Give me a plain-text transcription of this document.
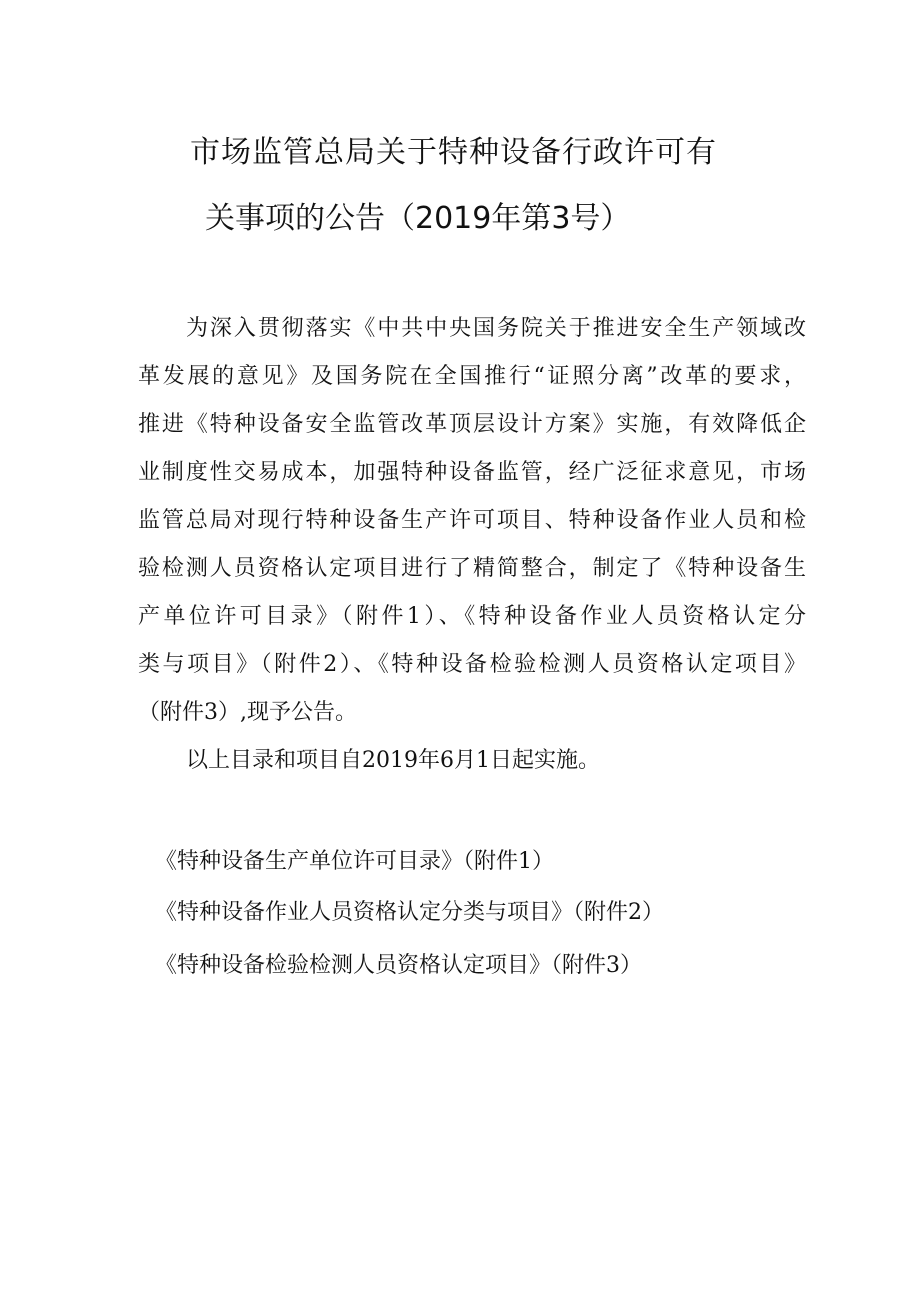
市场监管总局关于特种设备行政许可有
关事项的公告（2019年第3号）
为深入贯彻落实《中共中央国务院关于推进安全生产领域改
革发展的意见》及国务院在全国推行“证照分离”改革的要求，
推进《特种设备安全监管改革顶层设计方案》实施，有效降低企
业制度性交易成本，加强特种设备监管，经广泛征求意见，市场
监管总局对现行特种设备生产许可项目、特种设备作业人员和检
验检测人员资格认定项目进行了精简整合，制定了《特种设备生
产单位许可目录》（附件1）、《特种设备作业人员资格认定分
类与项目》（附件2）、《特种设备检验检测人员资格认定项目》
（附件3）,现予公告。
以上目录和项目自2019年6月1日起实施。
《特种设备生产单位许可目录》（附件1）
《特种设备作业人员资格认定分类与项目》（附件2）
《特种设备检验检测人员资格认定项目》（附件3）
